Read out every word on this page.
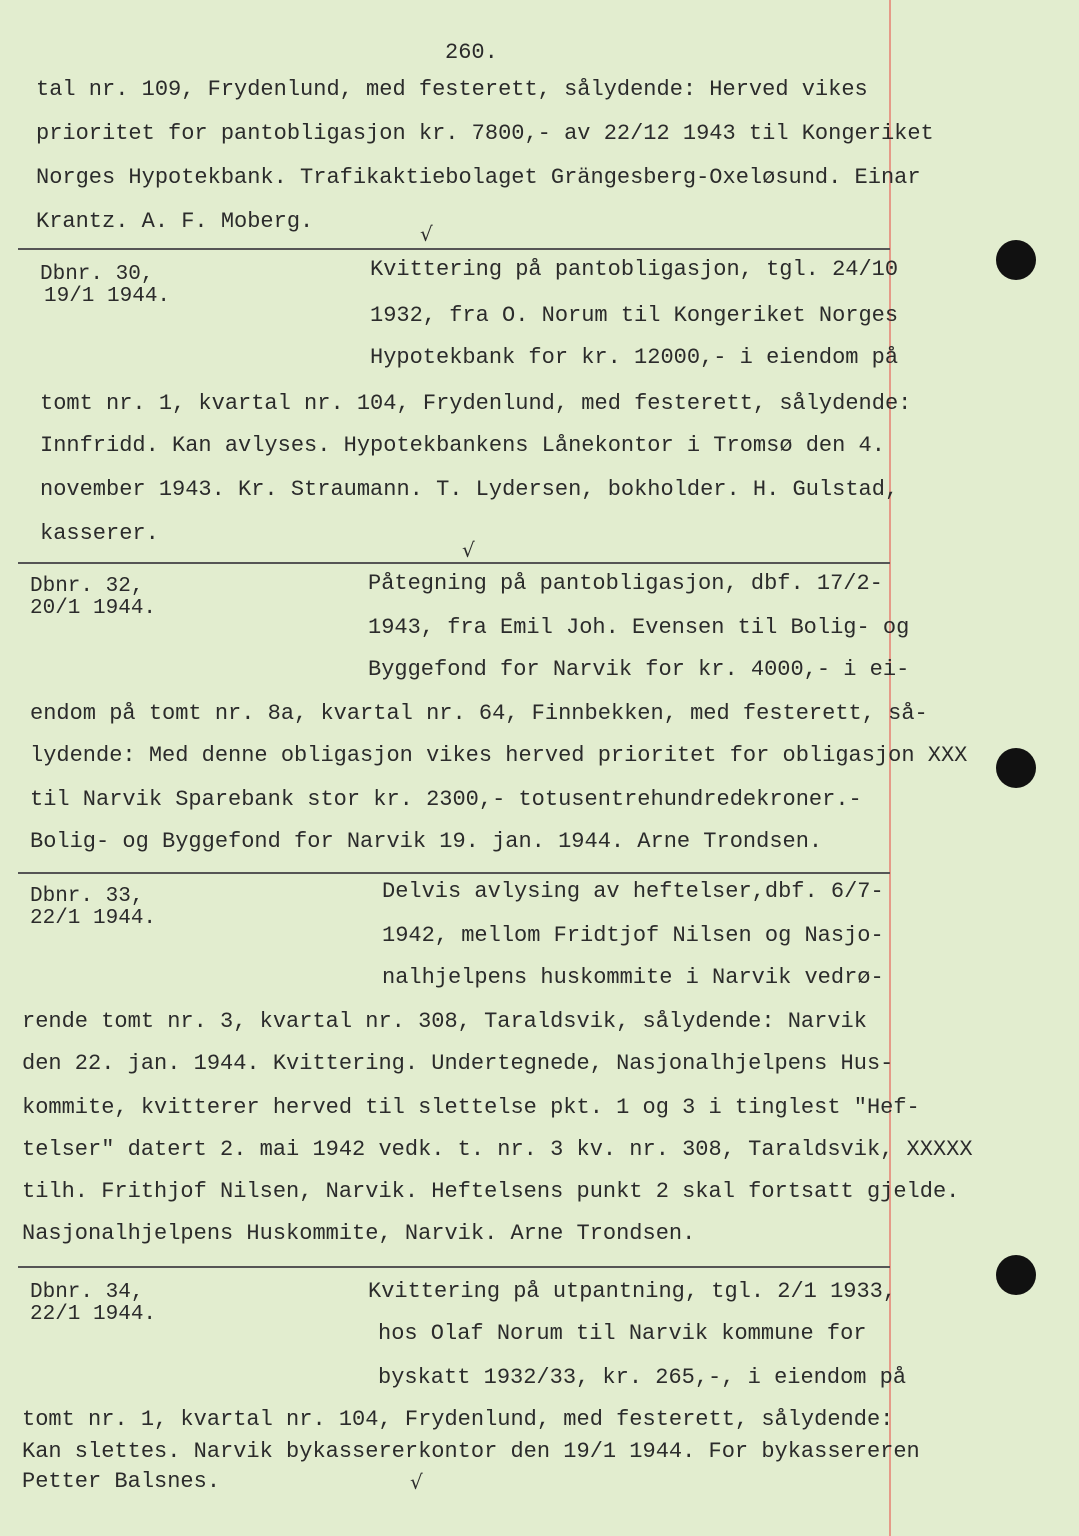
260.
tal nr. 109, Frydenlund, med festerett, sålydende: Herved vikes
prioritet for pantobligasjon kr. 7800,- av 22/12 1943 til Kongeriket
Norges Hypotekbank. Trafikaktiebolaget Grängesberg-Oxeløsund. Einar
Krantz. A. F. Moberg.	√
Dbnr. 30,
19/1 1944.
Kvittering på pantobligasjon, tgl. 24/10
1932, fra O. Norum til Kongeriket Norges
Hypotekbank for kr. 12000,- i eiendom på
tomt nr. 1, kvartal nr. 104, Frydenlund, med festerett, sålydende:
Innfridd. Kan avlyses. Hypotekbankens Lånekontor i Tromsø den 4.
november 1943. Kr. Straumann. T. Lydersen, bokholder. H. Gulstad,
kasserer.
√
Dbnr. 32,
20/1 1944.
Påtegning på pantobligasjon, dbf. 17/2-
1943, fra Emil Joh. Evensen til Bolig- og
Byggefond for Narvik for kr. 4000,- i ei-
endom på tomt nr. 8a, kvartal nr. 64, Finnbekken, med festerett, så-
lydende: Med denne obligasjon vikes herved prioritet for obligasjon XXX
til Narvik Sparebank stor kr. 2300,- totusentrehundredekroner.-
Bolig- og Byggefond for Narvik 19. jan. 1944. Arne Trondsen.
Dbnr. 33,
22/1 1944.
Delvis avlysing av heftelser,dbf. 6/7-
1942, mellom Fridtjof Nilsen og Nasjo-
nalhjelpens huskommite i Narvik vedrø-
rende tomt nr. 3, kvartal nr. 308, Taraldsvik, sålydende: Narvik
den 22. jan. 1944. Kvittering. Undertegnede, Nasjonalhjelpens Hus-
kommite, kvitterer herved til slettelse pkt. 1 og 3 i tinglest "Hef-
telser" datert 2. mai 1942 vedk. t. nr. 3 kv. nr. 308, Taraldsvik, XXXXX
tilh. Frithjof Nilsen, Narvik. Heftelsens punkt 2 skal fortsatt gjelde.
Nasjonalhjelpens Huskommite, Narvik. Arne Trondsen.
Dbnr. 34,
22/1 1944.
Kvittering på utpantning, tgl. 2/1 1933,
hos Olaf Norum til Narvik kommune for
byskatt 1932/33, kr. 265,-, i eiendom på
tomt nr. 1, kvartal nr. 104, Frydenlund, med festerett, sålydende:
Kan slettes. Narvik bykassererkontor den 19/1 1944. For bykassereren
Petter Balsnes.	√
